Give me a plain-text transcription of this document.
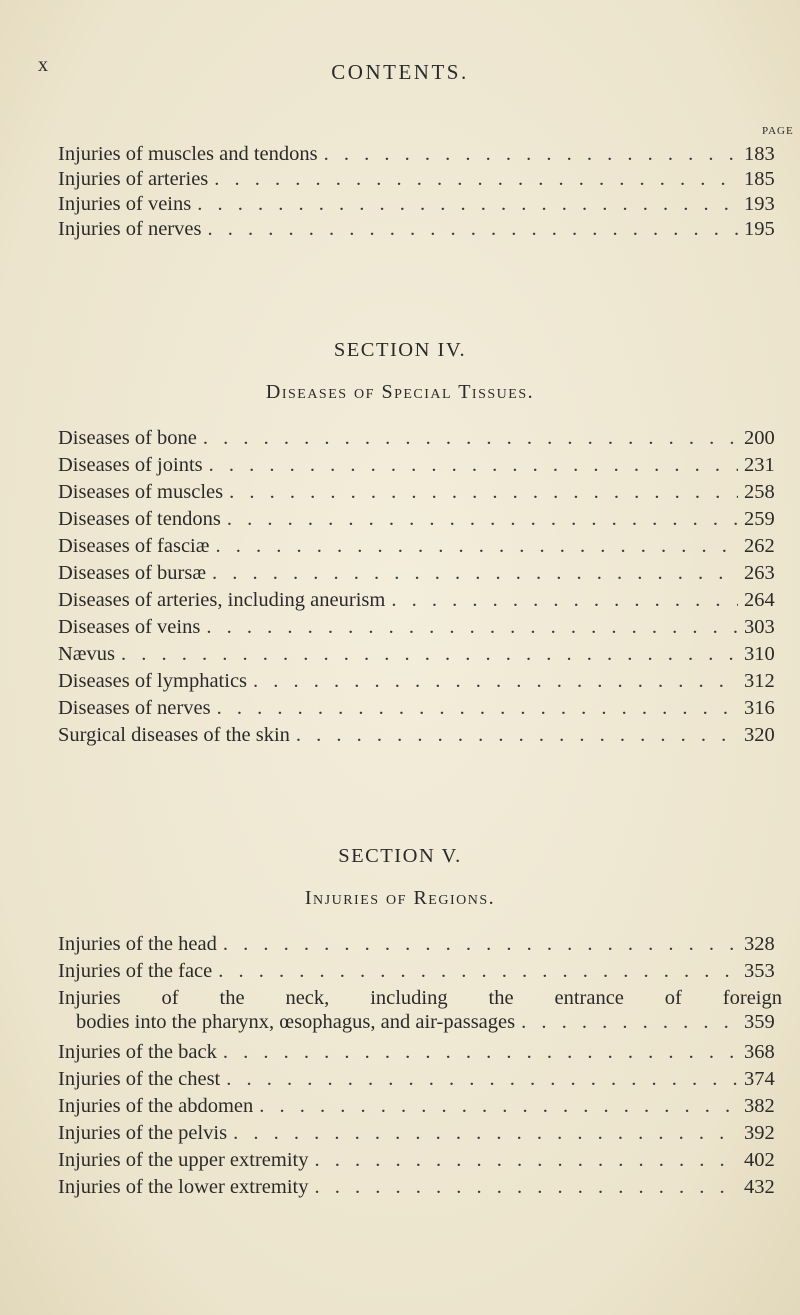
x	CONTENTS.
PAGE
Injuries of muscles and tendons . . .	183
Injuries of arteries . . .	185
Injuries of veins . . .	193
Injuries of nerves . . .	195
SECTION IV.
Diseases of Special Tissues.
Diseases of bone . . .	200
Diseases of joints . . .	231
Diseases of muscles . . .	258
Diseases of tendons . . .	259
Diseases of fasciæ . . .	262
Diseases of bursæ . . .	263
Diseases of arteries, including aneurism . . .	264
Diseases of veins . . .	303
Nævus . . .	310
Diseases of lymphatics . . .	312
Diseases of nerves . . .	316
Surgical diseases of the skin . . .	320
SECTION V.
Injuries of Regions.
Injuries of the head . . .	328
Injuries of the face . . .	353
Injuries of the neck, including the entrance of foreign
bodies into the pharynx, œsophagus, and air-passages . . .	359
Injuries of the back . . .	368
Injuries of the chest . . .	374
Injuries of the abdomen . . .	382
Injuries of the pelvis . . .	392
Injuries of the upper extremity . . .	402
Injuries of the lower extremity . . .	432
